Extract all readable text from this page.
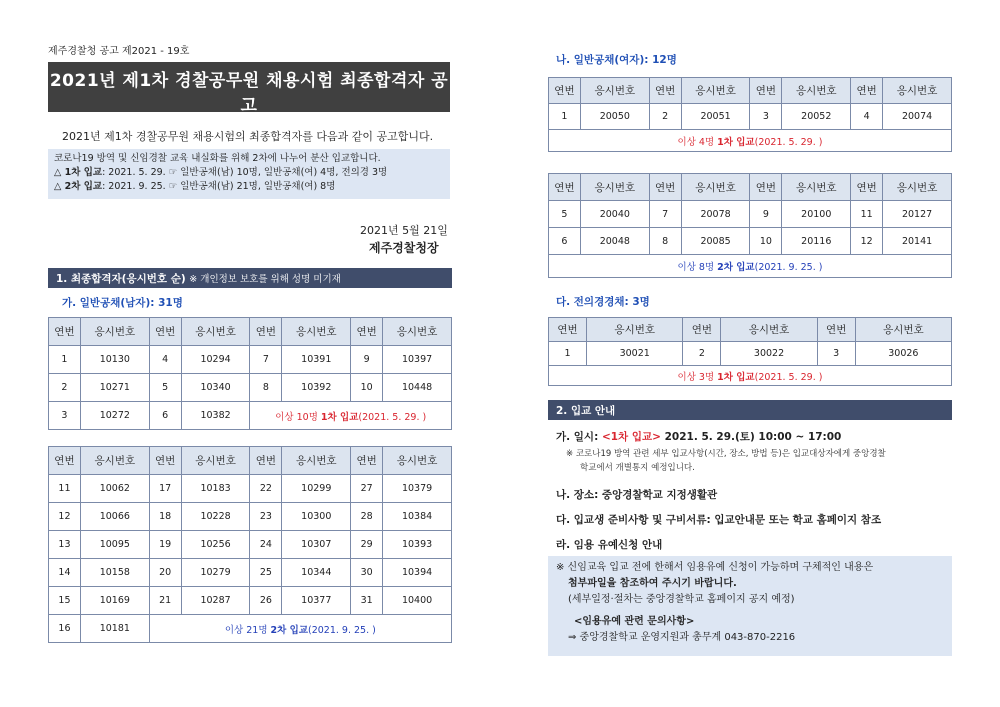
제주경찰청 공고 제2021 - 19호
2021년 제1차 경찰공무원 채용시험 최종합격자 공고
- 일반공채(남, 여), 전의경경채 -
2021년 제1차 경찰공무원 채용시험의 최종합격자를 다음과 같이 공고합니다.
코로나19 방역 및 신임경찰 교육 내실화를 위해 2차에 나누어 분산 입교합니다.
△ 1차 입교: 2021. 5. 29. ☞ 일반공채(남) 10명, 일반공채(여) 4명, 전의경 3명
△ 2차 입교: 2021. 9. 25. ☞ 일반공채(남) 21명, 일반공채(여) 8명
2021년 5월 21일
제주경찰청장
1. 최종합격자(응시번호 순) ※ 개인정보 보호를 위해 성명 미기재
가. 일반공채(남자): 31명
연번	응시번호	연번	응시번호	연번	응시번호	연번	응시번호
1	10130	4	10294	7	10391	9	10397
2	10271	5	10340	8	10392	10	10448
3	10272	6	10382	이상 10명 1차 입교(2021. 5. 29. )			
연번	응시번호	연번	응시번호	연번	응시번호	연번	응시번호
11	10062	17	10183	22	10299	27	10379
12	10066	18	10228	23	10300	28	10384
13	10095	19	10256	24	10307	29	10393
14	10158	20	10279	25	10344	30	10394
15	10169	21	10287	26	10377	31	10400
16	10181	이상 21명 2차 입교(2021. 9. 25. )					
나. 일반공채(여자): 12명
연번	응시번호	연번	응시번호	연번	응시번호	연번	응시번호
1	20050	2	20051	3	20052	4	20074
이상 4명 1차 입교(2021. 5. 29. )							
연번	응시번호	연번	응시번호	연번	응시번호	연번	응시번호
5	20040	7	20078	9	20100	11	20127
6	20048	8	20085	10	20116	12	20141
이상 8명 2차 입교(2021. 9. 25. )							
다. 전의경경채: 3명
연번	응시번호	연번	응시번호	연번	응시번호
1	30021	2	30022	3	30026
이상 3명 1차 입교(2021. 5. 29. )					
2. 입교 안내
가. 일시: <1차 입교> 2021. 5. 29.(토) 10:00 ~ 17:00
※ 코로나19 방역 관련 세부 입교사항(시간, 장소, 방법 등)은 입교대상자에게 중앙경찰
학교에서 개별통지 예정입니다.
나. 장소: 중앙경찰학교 지정생활관
다. 입교생 준비사항 및 구비서류: 입교안내문 또는 학교 홈페이지 참조
라. 임용 유예신청 안내
※ 신임교육 입교 전에 한해서 임용유예 신청이 가능하며 구체적인 내용은
첨부파일을 참조하여 주시기 바랍니다.
(세부일정·절차는 중앙경찰학교 홈페이지 공지 예정)
<임용유예 관련 문의사항>
⇒ 중앙경찰학교 운영지원과 총무계 043-870-2216
